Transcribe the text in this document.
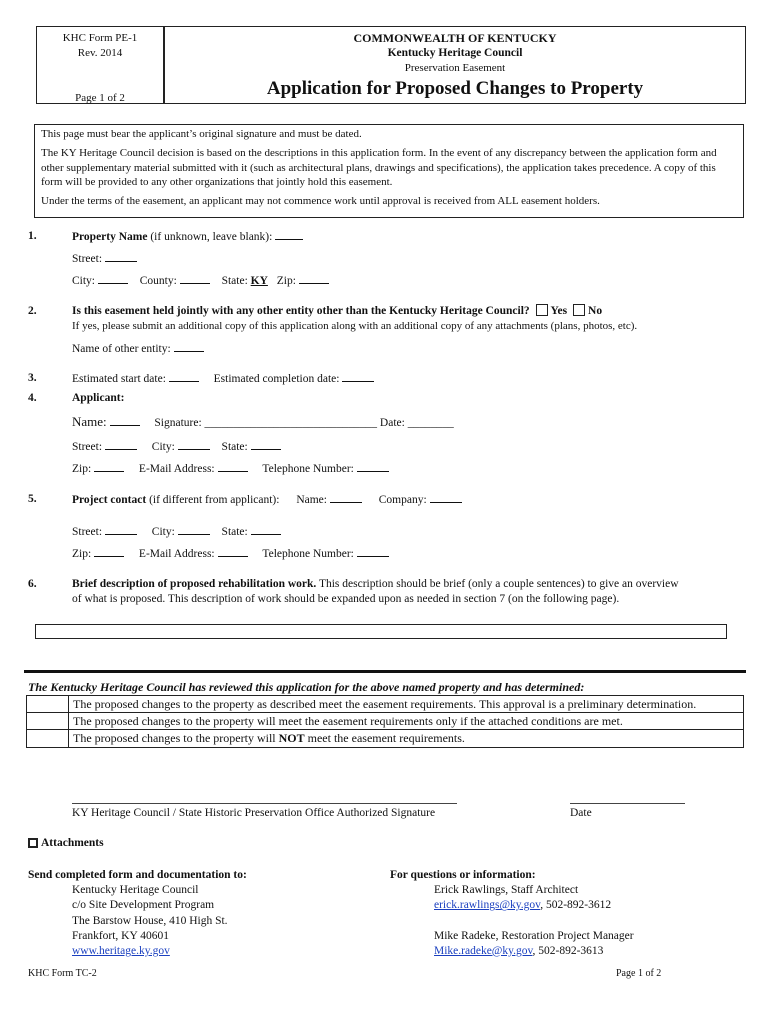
KHC Form PE-1
Rev. 2014
Page 1 of 2
COMMONWEALTH OF KENTUCKY
Kentucky Heritage Council
Preservation Easement
Application for Proposed Changes to Property

This page must bear the applicant’s original signature and must be dated.

The KY Heritage Council decision is based on the descriptions in this application form. In the event of any discrepancy between the application form and other supplementary material submitted with it (such as architectural plans, drawings and specifications), the application takes precedence. A copy of this form will be provided to any other organizations that jointly hold this easement.

Under the terms of the easement, an applicant may not commence work until approval is received from ALL easement holders.

1.	Property Name (if unknown, leave blank):
Street:
City:	County:	State: KY Zip:
2.	Is this easement held jointly with any other entity other than the Kentucky Heritage Council? Yes No
If yes, please submit an additional copy of this application along with an additional copy of any attachments (plans, photos, etc).
Name of other entity:
3.	Estimated start date:	Estimated completion date:
4.	Applicant:
Name:	Signature: ______________________________ Date: ________
Street:	City:	State:
Zip:	E-Mail Address:	Telephone Number:
5.	Project contact (if different from applicant): Name:	Company:
Street:	City:	State:
Zip:	E-Mail Address:	Telephone Number:
6.	Brief description of proposed rehabilitation work. This description should be brief (only a couple sentences) to give an overview
of what is proposed. This description of work should be expanded upon as needed in section 7 (on the following page).
The Kentucky Heritage Council has reviewed this application for the above named property and has determined:
	The proposed changes to the property as described meet the easement requirements. This approval is a preliminary determination.
	The proposed changes to the property will meet the easement requirements only if the attached conditions are met.
	The proposed changes to the property will NOT meet the easement requirements.
KY Heritage Council / State Historic Preservation Office Authorized Signature	Date
Attachments
Send completed form and documentation to:
Kentucky Heritage Council
c/o Site Development Program
The Barstow House, 410 High St.
Frankfort, KY 40601
www.heritage.ky.gov
For questions or information:
Erick Rawlings, Staff Architect
erick.rawlings@ky.gov, 502-892-3612
Mike Radeke, Restoration Project Manager
Mike.radeke@ky.gov, 502-892-3613
KHC Form TC-2	Page 1 of 2
